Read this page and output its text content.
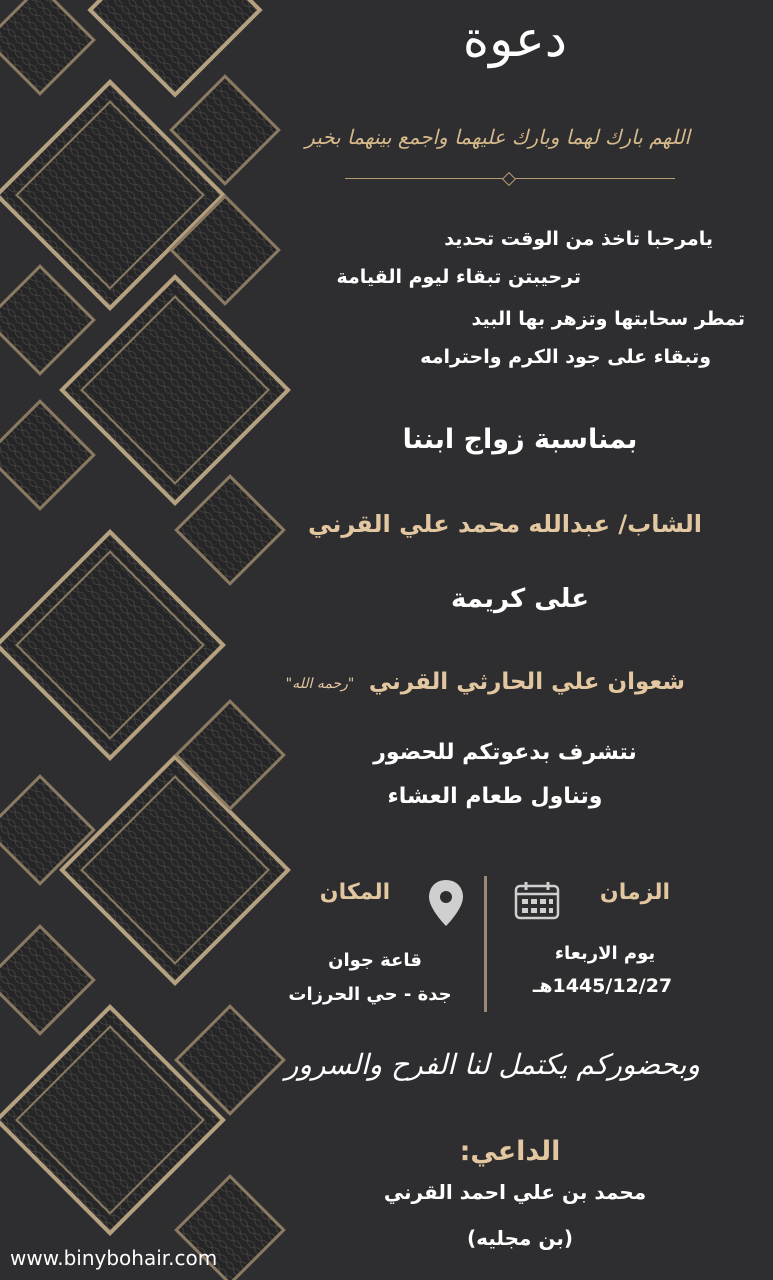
دعوة
اللهم بارك لهما وبارك عليهما واجمع بينهما بخير
يامرحبا تاخذ من الوقت تحديد
ترحيبتن تبقاء ليوم القيامة
تمطر سحابتها وتزهر بها البيد
وتبقاء على جود الكرم واحترامه
بمناسبة زواج ابننا
الشاب/ عبدالله محمد علي القرني
على كريمة
شعوان علي الحارثي القرني
"رحمه الله"
نتشرف بدعوتكم للحضور
وتناول طعام العشاء
الزمان
يوم الاربعاء
1445/12/27هـ
المكان
قاعة جوان
جدة - حي الحرزات
وبحضوركم يكتمل لنا الفرح والسرور
الداعي:
محمد بن علي احمد القرني
(بن مجليه)
www.binybohair.com
